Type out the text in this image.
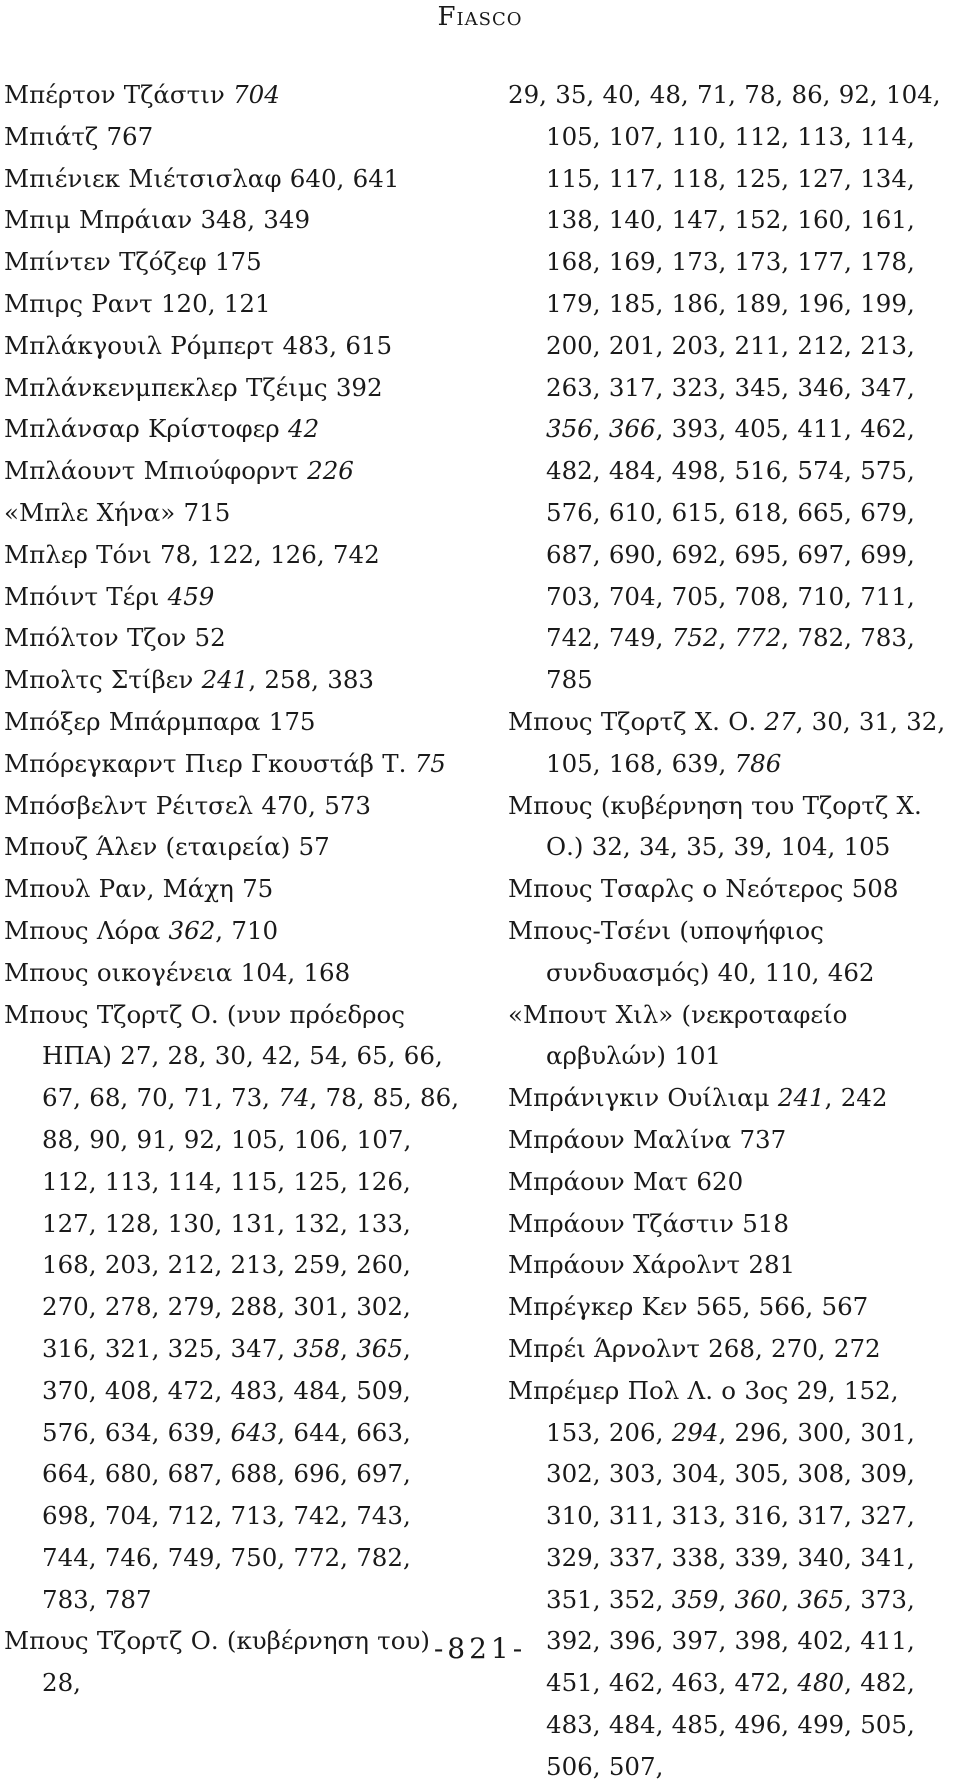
Fiasco
Μπέρτον Τζάστιν 704
Μπιάτζ 767
Μπιένιεκ Μιέτσισλαφ 640, 641
Μπιμ Μπράιαν 348, 349
Μπίντεν Τζόζεφ 175
Μπιρς Ραντ 120, 121
Μπλάκγουιλ Ρόμπερτ 483, 615
Μπλάνκενμπεκλερ Τζέιμς 392
Μπλάνσαρ Κρίστοφερ 42
Μπλάουντ Μπιούφορντ 226
«Μπλε Χήνα» 715
Μπλερ Τόνι 78, 122, 126, 742
Μπόιντ Τέρι 459
Μπόλτον Τζον 52
Μπολτς Στίβεν 241, 258, 383
Μπόξερ Μπάρμπαρα 175
Μπόρεγκαρντ Πιερ Γκουστάβ Τ. 75
Μπόσβελντ Ρέιτσελ 470, 573
Μπουζ Άλεν (εταιρεία) 57
Μπουλ Ραν, Μάχη 75
Μπους Λόρα 362, 710
Μπους οικογένεια 104, 168
Μπους Τζορτζ Ο. (νυν πρόεδρος ΗΠΑ) 27, 28, 30, 42, 54, 65, 66, 67, 68, 70, 71, 73, 74, 78, 85, 86, 88, 90, 91, 92, 105, 106, 107, 112, 113, 114, 115, 125, 126, 127, 128, 130, 131, 132, 133, 168, 203, 212, 213, 259, 260, 270, 278, 279, 288, 301, 302, 316, 321, 325, 347, 358, 365, 370, 408, 472, 483, 484, 509, 576, 634, 639, 643, 644, 663, 664, 680, 687, 688, 696, 697, 698, 704, 712, 713, 742, 743, 744, 746, 749, 750, 772, 782, 783, 787
Μπους Τζορτζ Ο. (κυβέρνηση του) 28,
29, 35, 40, 48, 71, 78, 86, 92, 104, 105, 107, 110, 112, 113, 114, 115, 117, 118, 125, 127, 134, 138, 140, 147, 152, 160, 161, 168, 169, 173, 173, 177, 178, 179, 185, 186, 189, 196, 199, 200, 201, 203, 211, 212, 213, 263, 317, 323, 345, 346, 347, 356, 366, 393, 405, 411, 462, 482, 484, 498, 516, 574, 575, 576, 610, 615, 618, 665, 679, 687, 690, 692, 695, 697, 699, 703, 704, 705, 708, 710, 711, 742, 749, 752, 772, 782, 783, 785
Μπους Τζορτζ Χ. Ο. 27, 30, 31, 32, 105, 168, 639, 786
Μπους (κυβέρνηση του Τζορτζ Χ. Ο.) 32, 34, 35, 39, 104, 105
Μπους Τσαρλς ο Νεότερος 508
Μπους-Τσένι (υποψήφιος συνδυασμός) 40, 110, 462
«Μπουτ Χιλ» (νεκροταφείο αρβυλών) 101
Μπράνιγκιν Ουίλιαμ 241, 242
Μπράουν Μαλίνα 737
Μπράουν Ματ 620
Μπράουν Τζάστιν 518
Μπράουν Χάρολντ 281
Μπρέγκερ Κεν 565, 566, 567
Μπρέι Άρνολντ 268, 270, 272
Μπρέμερ Πολ Λ. ο 3ος 29, 152, 153, 206, 294, 296, 300, 301, 302, 303, 304, 305, 308, 309, 310, 311, 313, 316, 317, 327, 329, 337, 338, 339, 340, 341, 351, 352, 359, 360, 365, 373, 392, 396, 397, 398, 402, 411, 451, 462, 463, 472, 480, 482, 483, 484, 485, 496, 499, 505, 506, 507,
-821-
